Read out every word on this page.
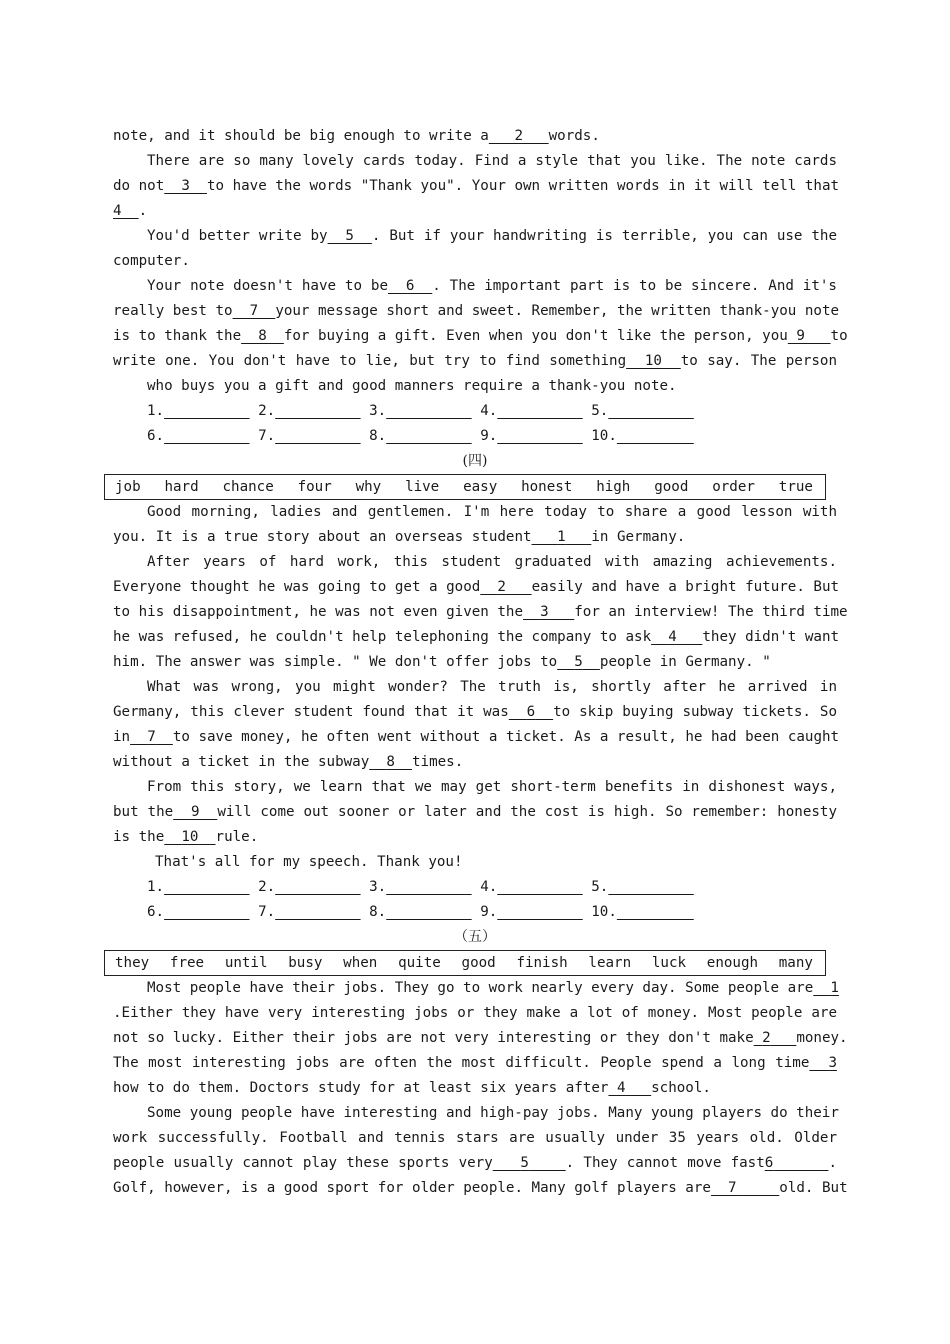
note, and it should be big enough to write a   2   words.
There are so many lovely cards today. Find a style that you like. The note cards
do not  3  to have the words "Thank you". Your own written words in it will tell that
4 .
You'd better write by  5  . But if your handwriting is terrible, you can use the
computer.
Your note doesn't have to be  6  . The important part is to be sincere. And it's
really best to  7  your message short and sweet. Remember, the written thank-you note
is to thank the  8  for buying a gift. Even when you don't like the person, you 9   to
write one. You don't have to lie, but try to find something  10  to say. The person
who buys you a gift and good manners require a thank-you note.
1.	2.	3.	4.	5.
6.	7.	8.	9.	10.
(四)
job hard chance four why live easy honest high good order true
Good morning, ladies and gentlemen. I'm here today to share a good lesson with
you. It is a true story about an overseas student 1 in Germany.
After years of hard work, this student graduated with amazing achievements.
Everyone thought he was going to get a good 2 easily and have a bright future. But
to his disappointment, he was not even given the 3 for an interview! The third time
he was refused, he couldn't help telephoning the company to ask 4 they didn't want
him. The answer was simple. " We don't offer jobs to 5 people in Germany. "
What was wrong, you might wonder? The truth is, shortly after he arrived in
Germany, this clever student found that it was 6 to skip buying subway tickets. So
in 7 to save money, he often went without a ticket. As a result, he had been caught
without a ticket in the subway 8 times.
From this story, we learn that we may get short-term benefits in dishonest ways,
but the 9 will come out sooner or later and the cost is high. So remember: honesty
is the 10 rule.
That's all for my speech. Thank you!
1.	2.	3.	4.	5.
6.	7.	8.	9.	10.
（五）
they free until busy when quite good finish learn luck enough many
Most people have their jobs. They go to work nearly every day. Some people are 1
.Either they have very interesting jobs or they make a lot of money. Most people are
not so lucky. Either their jobs are not very interesting or they don't make 2 money.
The most interesting jobs are often the most difficult. People spend a long time 3
how to do them. Doctors study for at least six years after 4 school.
Some young people have interesting and high-pay jobs. Many young players do their
work successfully. Football and tennis stars are usually under 35 years old. Older
people usually cannot play these sports very 5	. They cannot move fast6	.
Golf, however, is a good sport for older people. Many golf players are 7	old. But
